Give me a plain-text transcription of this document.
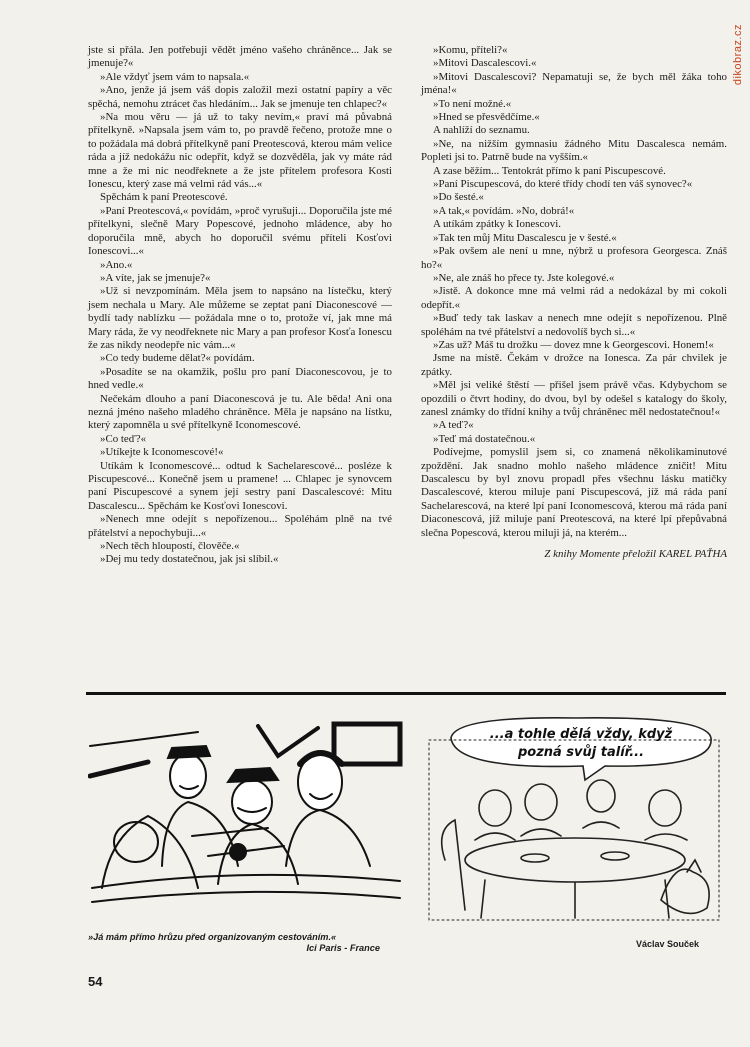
dikobraz.cz

jste si přála. Jen potřebuji vědět jméno vašeho chráněnce... Jak se jmenuje?«

»Ale vždyť jsem vám to napsala.«

»Ano, jenže já jsem váš dopis založil mezi ostatní papíry a věc spěchá, nemohu ztrácet čas hledáním... Jak se jmenuje ten chlapec?«

»Na mou věru — já už to taky nevím,« praví má půvabná přítelkyně. »Napsala jsem vám to, po pravdě řečeno, protože mne o to požádala má dobrá přítelkyně paní Preotescová, kterou mám velice ráda a jíž nedokážu nic odepřít, když se dozvěděla, jak vy máte rád mne a že mi nic neodřeknete a že jste přítelem profesora Kosti Ionescu, který zase má velmi rád vás...«

Spěchám k paní Preotescové.

»Paní Preotescová,« povídám, »proč vyrušuji... Doporučila jste mé přítelkyni, slečně Mary Popescové, jednoho mládence, aby ho doporučila mně, abych ho doporučil svému příteli Kosťovi Ionescovi...«

»Ano.«

»A víte, jak se jmenuje?«

»Už si nevzpomínám. Měla jsem to napsáno na lístečku, který jsem nechala u Mary. Ale můžeme se zeptat paní Diaconescové — bydlí tady nablízku — požádala mne o to, protože ví, jak mne má Mary ráda, že vy neodřeknete nic Mary a pan profesor Kosťa Ionescu že zas nikdy neodepře nic vám...«

»Co tedy budeme dělat?« povídám.

»Posadíte se na okamžik, pošlu pro paní Diaconescovou, je to hned vedle.«

Nečekám dlouho a paní Diaconescová je tu. Ale běda! Ani ona nezná jméno našeho mladého chráněnce. Měla je napsáno na lístku, který zapomněla u své přítelkyně Iconomescové.

»Co teď?«

»Utíkejte k Iconomescové!«

Utíkám k Iconomescové... odtud k Sachelarescové... posléze k Piscupescové... Konečně jsem u pramene! ... Chlapec je synovcem paní Piscupescové a synem její sestry paní Dascalescové: Mitu Dascalescu... Spěchám ke Kosťovi Ionescovi.

»Nenech mne odejít s nepořízenou... Spoléhám plně na tvé přátelství a nepochybuji...«

»Nech těch hloupostí, člověče.«

»Dej mu tedy dostatečnou, jak jsi slíbil.«

»Komu, příteli?«

»Mitovi Dascalescovi.«

»Mitovi Dascalescovi? Nepamatuji se, že bych měl žáka toho jména!«

»To není možné.«

»Hned se přesvědčíme.«

A nahlíží do seznamu.

»Ne, na nižším gymnasiu žádného Mitu Dascalesca nemám. Popleti jsi to. Patrně bude na vyšším.«

A zase běžím... Tentokrát přímo k paní Piscupescové.

»Paní Piscupescová, do které třídy chodí ten váš synovec?«

»Do šesté.«

»A tak,« povídám. »No, dobrá!«

A utíkám zpátky k Ionescovi.

»Tak ten můj Mitu Dascalescu je v šesté.«

»Pak ovšem ale není u mne, nýbrž u profesora Georgesca. Znáš ho?«

»Ne, ale znáš ho přece ty. Jste kolegové.«

»Jistě. A dokonce mne má velmi rád a nedokázal by mi cokoli odepřít.«

»Buď tedy tak laskav a nenech mne odejít s nepořízenou. Plně spoléhám na tvé přátelství a nedovolíš bych si...«

»Zas už? Máš tu drožku — dovez mne k Georgescovi. Honem!«

Jsme na místě. Čekám v drožce na Ionesca. Za pár chvilek je zpátky.

»Měl jsi veliké štěstí — přišel jsem právě včas. Kdybychom se opozdili o čtvrt hodiny, do dvou, byl by odešel s katalogy do školy, zanesl známky do třídní knihy a tvůj chráněnec měl nedostatečnou!«

»A teď?«

»Teď má dostatečnou.«

Podívejme, pomyslil jsem si, co znamená několikaminutové zpoždění. Jak snadno mohlo našeho mládence zničit! Mitu Dascalescu by byl znovu propadl přes všechnu lásku matičky Dascalescové, kterou miluje paní Piscupescová, jíž má ráda paní Sachelarescová, na které lpí paní Iconomescová, kterou má ráda paní Diaconescová, jíž miluje paní Preotescová, na které lpí přepůvabná slečna Popescová, kterou miluji já, na kterém...

Z knihy Momente přeložil KAREL PAŤHA

...a tohle dělá vždy, když
pozná svůj talíř...
»Já mám přímo hrůzu před organizovaným cestováním.«
Ici Paris - France	Václav Souček
54
